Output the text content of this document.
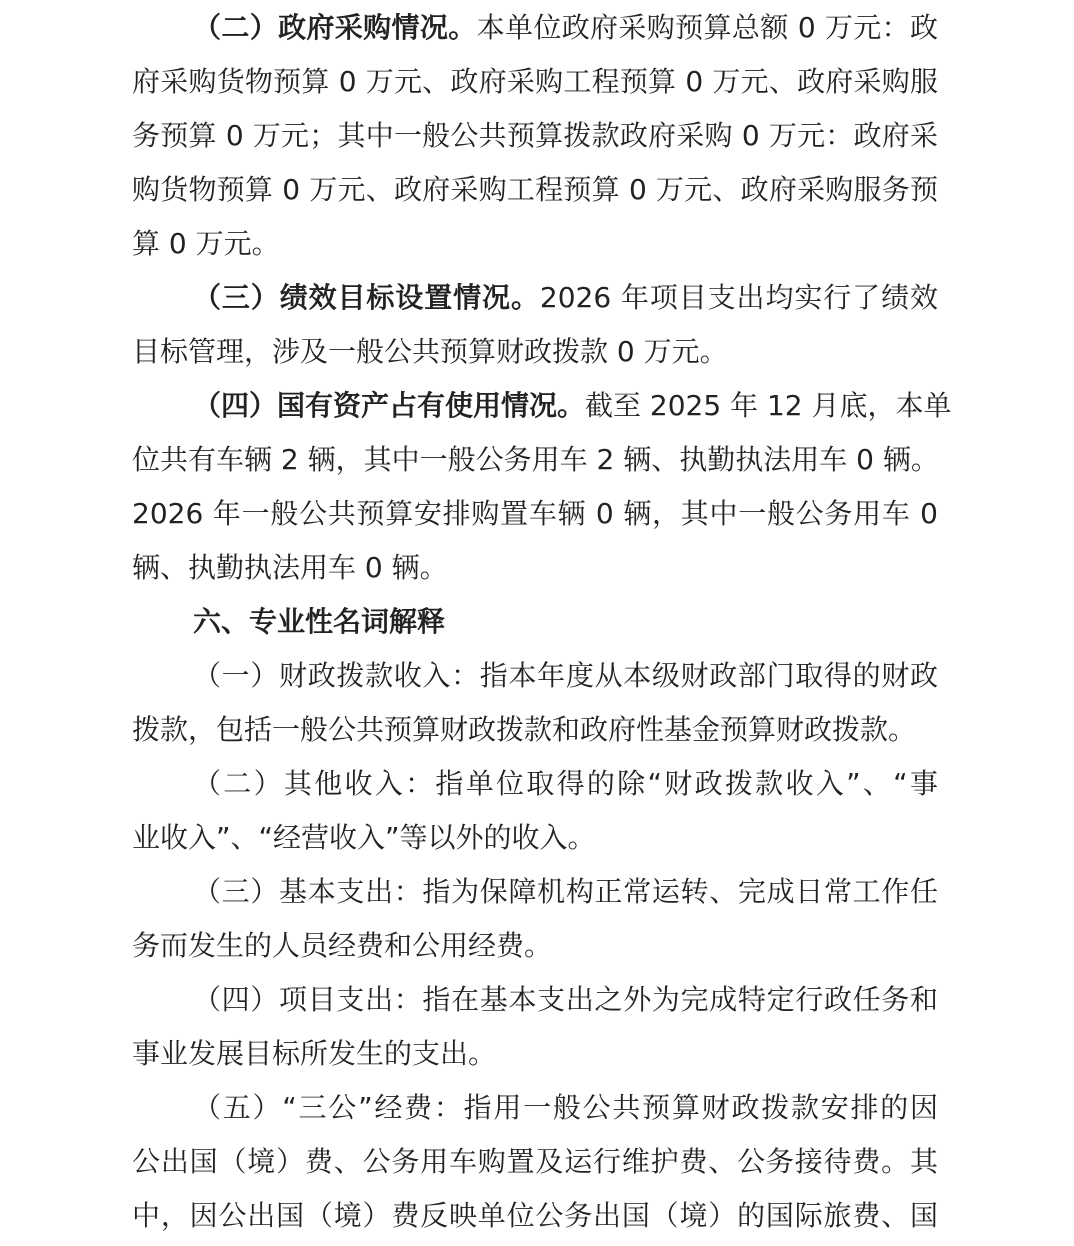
（二）政府采购情况。本单位政府采购预算总额 0 万元：政
府采购货物预算 0 万元、政府采购工程预算 0 万元、政府采购服
务预算 0 万元；其中一般公共预算拨款政府采购 0 万元：政府采
购货物预算 0 万元、政府采购工程预算 0 万元、政府采购服务预
算 0 万元。
（三）绩效目标设置情况。2026 年项目支出均实行了绩效
目标管理，涉及一般公共预算财政拨款 0 万元。
（四）国有资产占有使用情况。截至 2025 年 12 月底，本单
位共有车辆 2 辆，其中一般公务用车 2 辆、执勤执法用车 0 辆。
2026 年一般公共预算安排购置车辆 0 辆，其中一般公务用车 0
辆、执勤执法用车 0 辆。
六、专业性名词解释
（一）财政拨款收入：指本年度从本级财政部门取得的财政
拨款，包括一般公共预算财政拨款和政府性基金预算财政拨款。
（二）其他收入：指单位取得的除“财政拨款收入”、“事
业收入”、“经营收入”等以外的收入。
（三）基本支出：指为保障机构正常运转、完成日常工作任
务而发生的人员经费和公用经费。
（四）项目支出：指在基本支出之外为完成特定行政任务和
事业发展目标所发生的支出。
（五）“三公”经费：指用一般公共预算财政拨款安排的因
公出国（境）费、公务用车购置及运行维护费、公务接待费。其
中，因公出国（境）费反映单位公务出国（境）的国际旅费、国
